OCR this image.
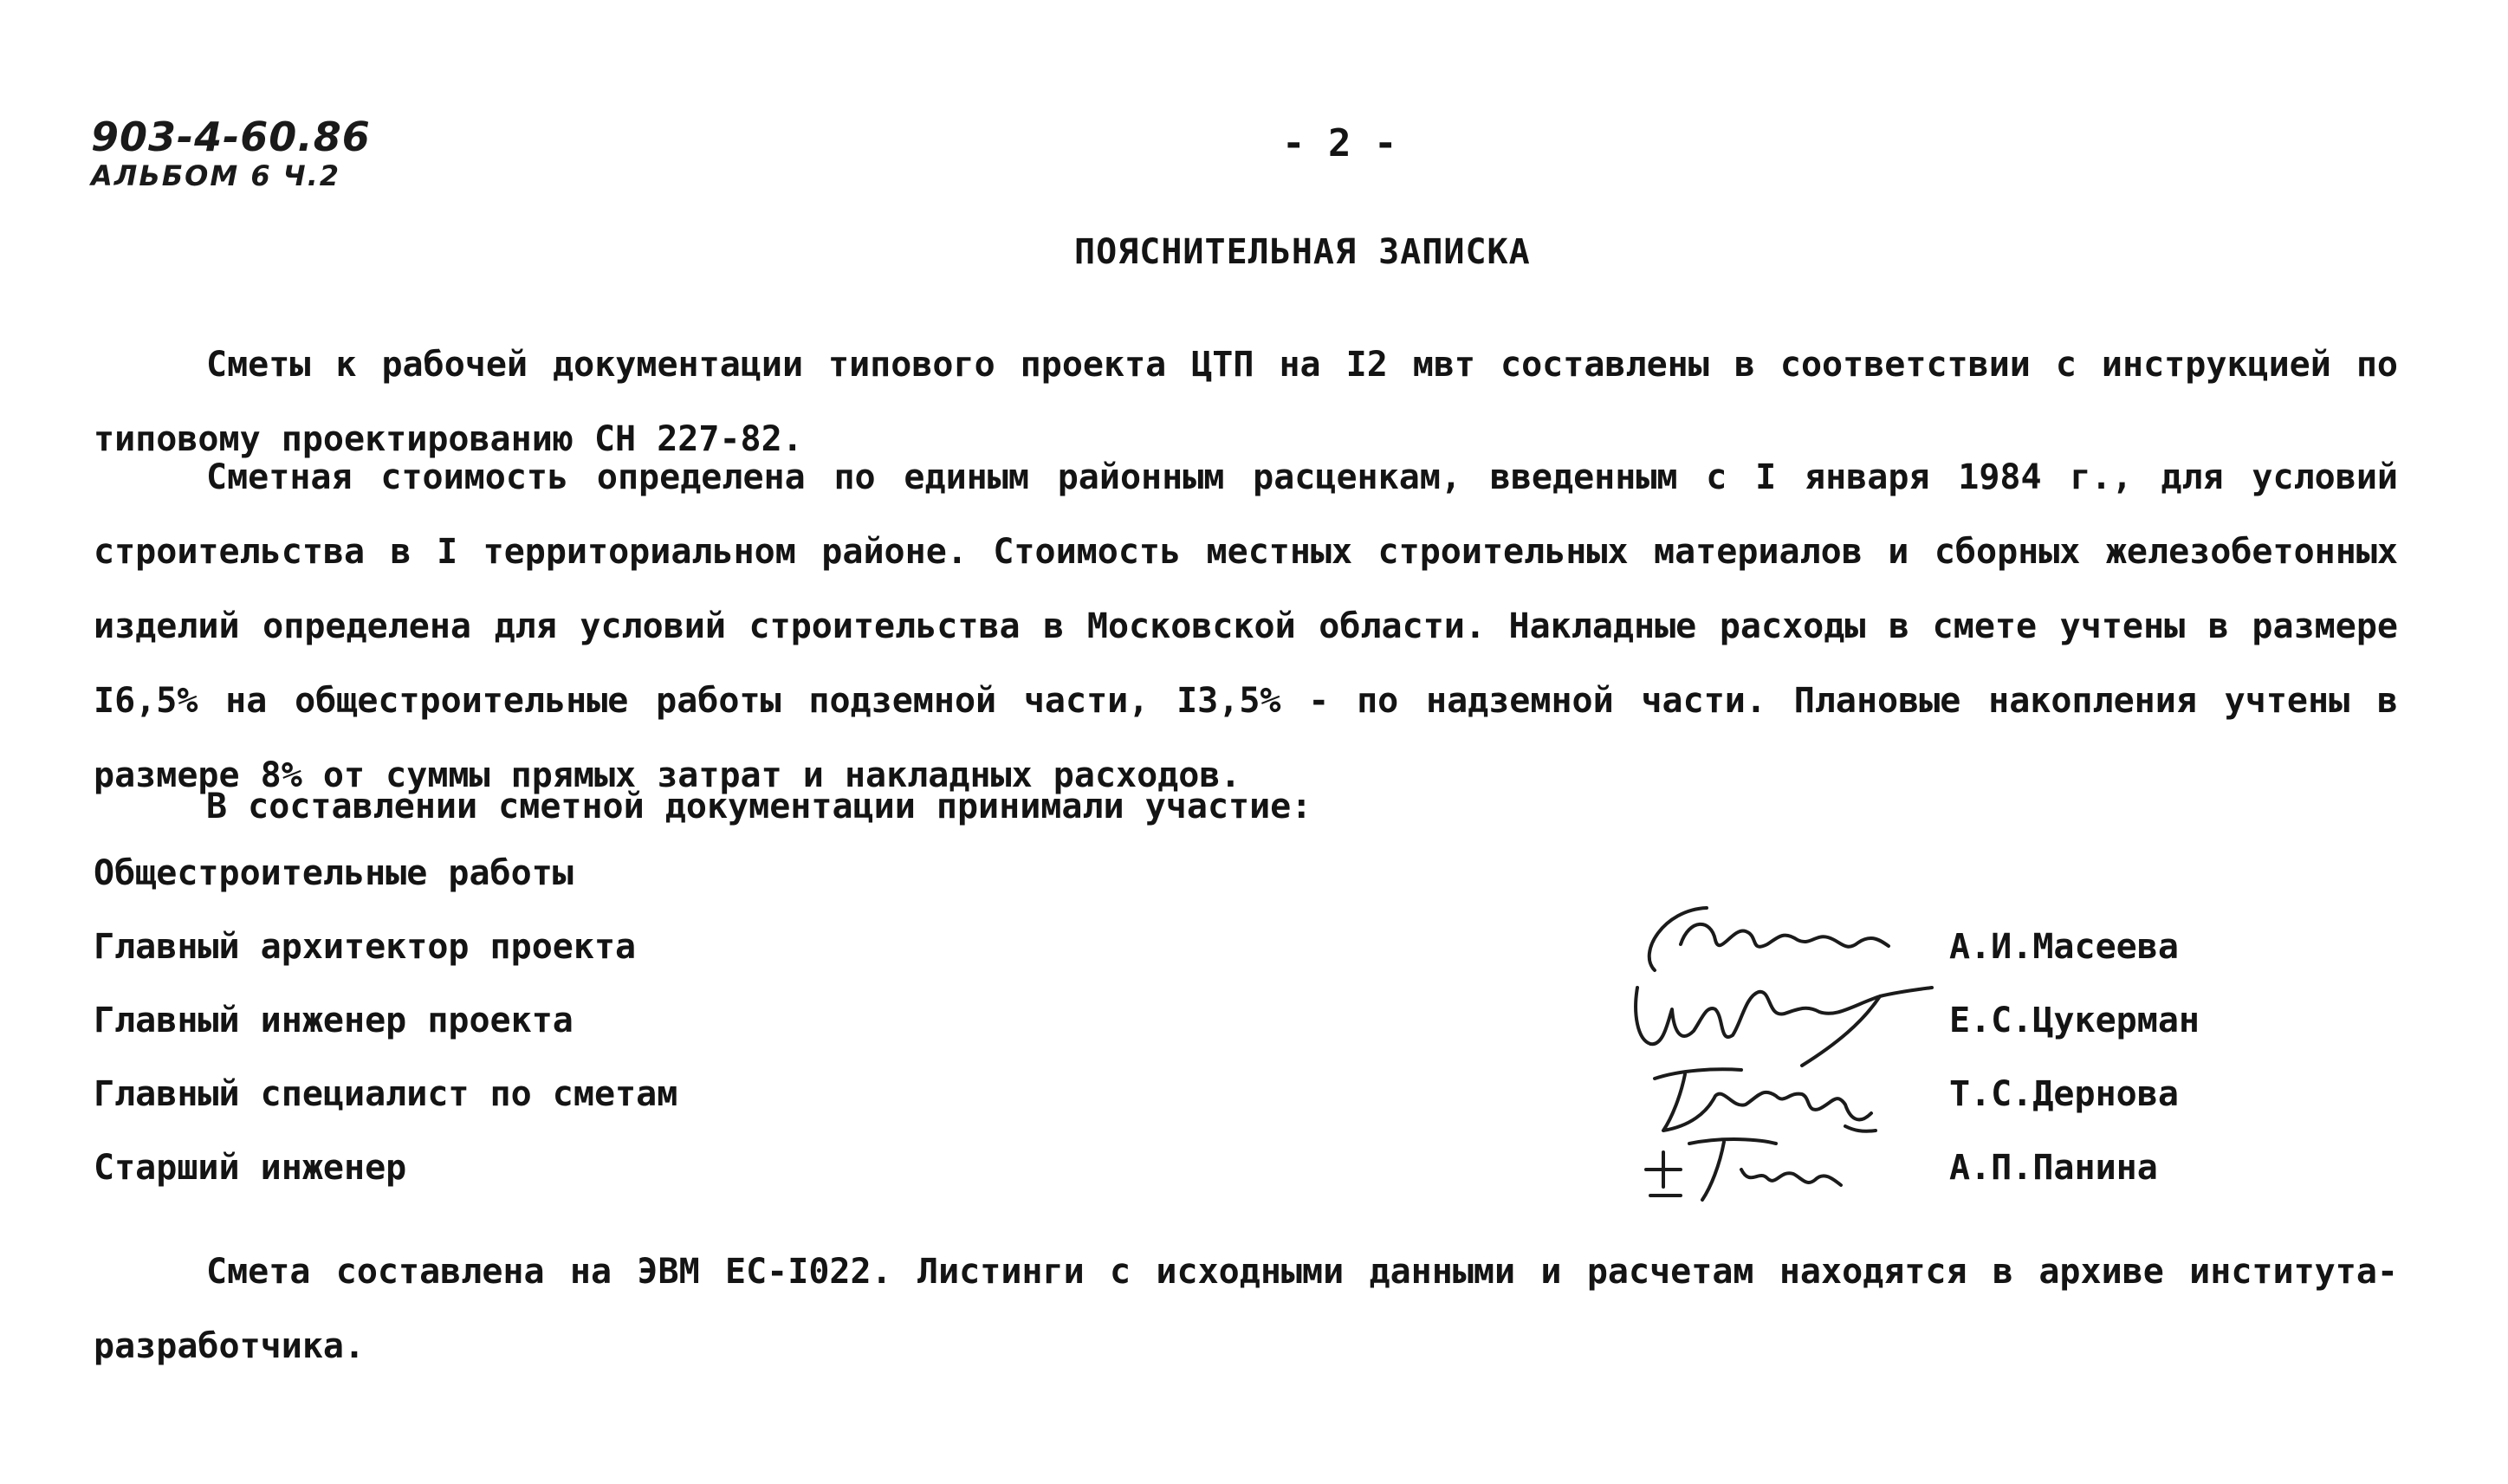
903-4-60.86
АЛЬБОМ 6 Ч.2
- 2 -
ПОЯСНИТЕЛЬНАЯ ЗАПИСКА

Сметы к рабочей документации типового проекта ЦТП на I2 мвт составлены в соответствии с инструкцией по типовому проектированию СН 227-82.

Сметная стоимость определена по единым районным расценкам, введенным с I января 1984 г., для условий строительства в I территориальном районе. Стоимость местных строительных материалов и сборных железобетонных изделий определена для условий строительства в Московской области. Накладные расходы в смете учтены в размере I6,5% на общестроительные работы подземной части, I3,5% - по надземной части. Плановые накопления учтены в размере 8% от суммы прямых затрат и накладных расходов.

В составлении сметной документации принимали участие:

Общестроительные работы
Главный архитектор проекта	А.И.Масеева
Главный инженер проекта	Е.С.Цукерман
Главный специалист по сметам	Т.С.Дернова
Старший инженер	А.П.Панина

Смета составлена на ЭВМ ЕС-I022. Листинги с исходными данными и расчетам находятся в архиве института-разработчика.
